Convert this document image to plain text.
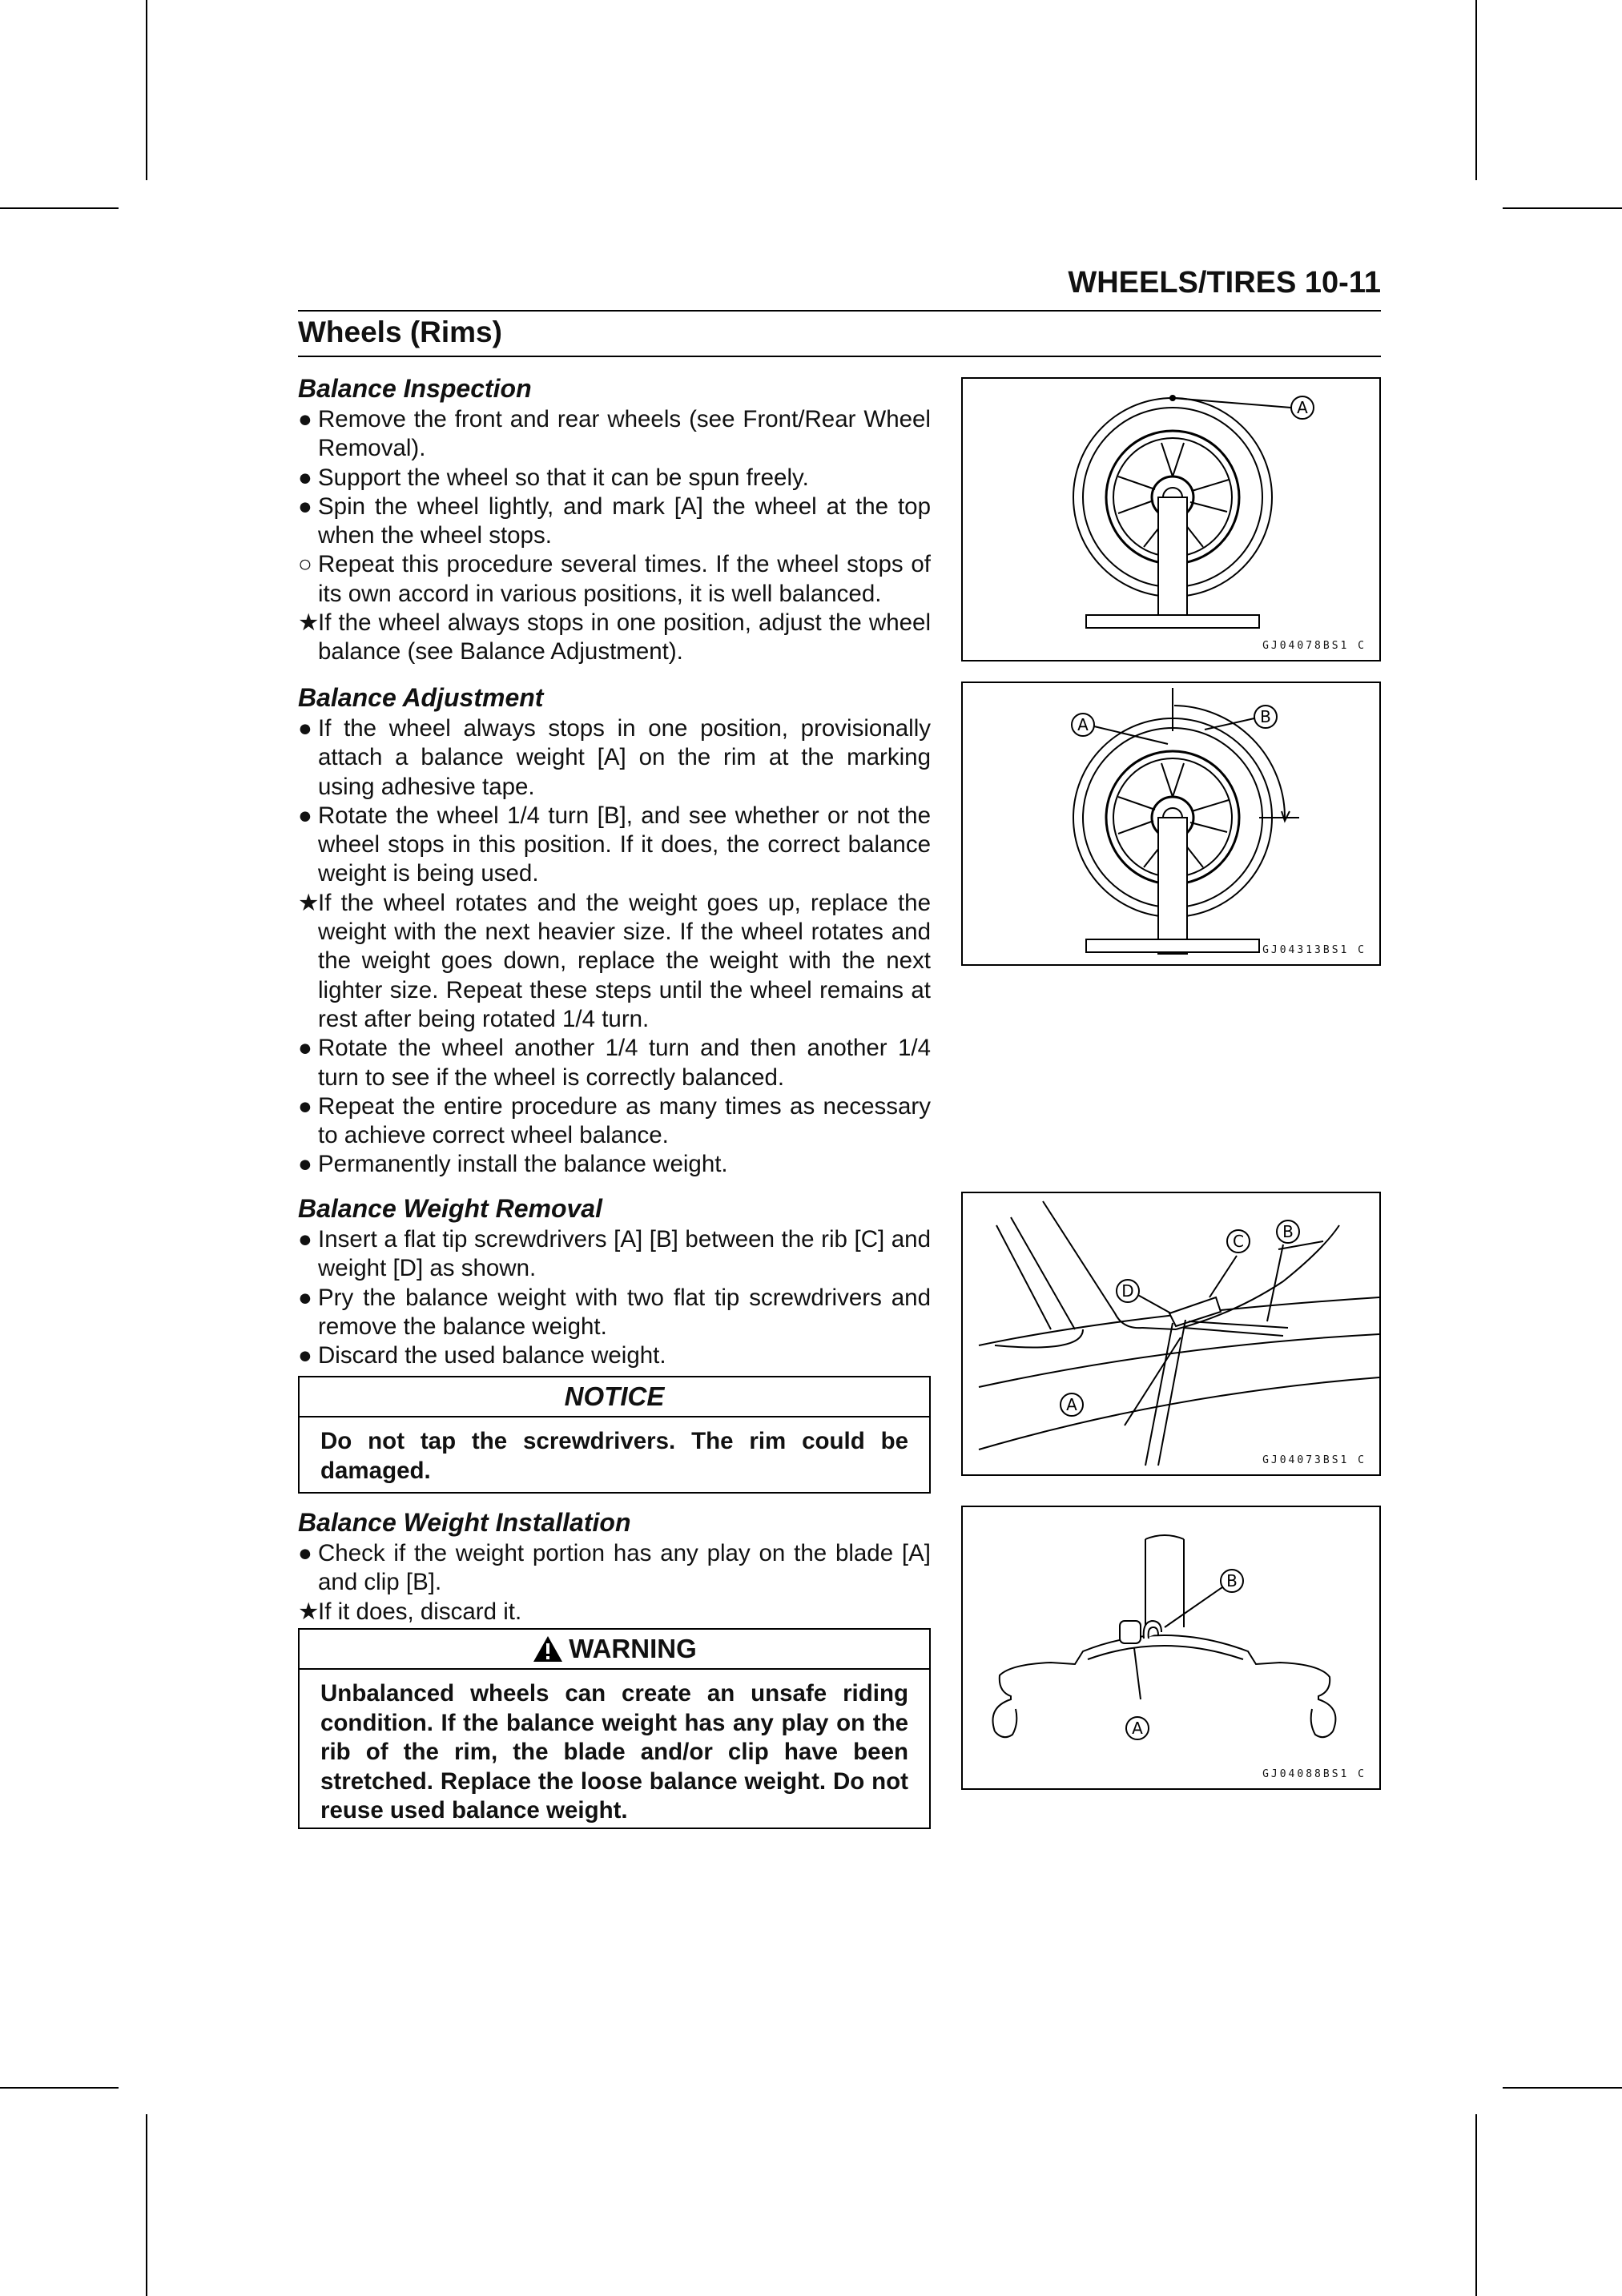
WHEELS/TIRES 10-11
Wheels (Rims)
Balance Inspection
● Remove the front and rear wheels (see Front/Rear Wheel Removal).
● Support the wheel so that it can be spun freely.
● Spin the wheel lightly, and mark [A] the wheel at the top when the wheel stops.
○ Repeat this procedure several times. If the wheel stops of its own accord in various positions, it is well balanced.
★
If the wheel always stops in one position, adjust the wheel balance (see Balance Adjustment).
Balance Adjustment
● If the wheel always stops in one position, provisionally attach a balance weight [A] on the rim at the marking using adhesive tape.
● Rotate the wheel 1/4 turn [B], and see whether or not the wheel stops in this position. If it does, the correct balance weight is being used.
★
If the wheel rotates and the weight goes up, replace the weight with the next heavier size. If the wheel rotates and the weight goes down, replace the weight with the next lighter size. Repeat these steps until the wheel remains at rest after being rotated 1/4 turn.
● Rotate the wheel another 1/4 turn and then another 1/4 turn to see if the wheel is correctly balanced.
● Repeat the entire procedure as many times as necessary to achieve correct wheel balance.
● Permanently install the balance weight.
Balance Weight Removal
● Insert a flat tip screwdrivers [A] [B] between the rib [C] and weight [D] as shown.
● Pry the balance weight with two flat tip screwdrivers and remove the balance weight.
● Discard the used balance weight.
NOTICE
Do not tap the screwdrivers. The rim could be damaged.
Balance Weight Installation
● Check if the weight portion has any play on the blade [A] and clip [B].
★
If it does, discard it.
WARNING
Unbalanced wheels can create an unsafe riding condition. If the balance weight has any play on the rib of the rim, the blade and/or clip have been stretched. Replace the loose balance weight. Do not reuse used balance weight.
A
GJ04078BS1 C
A	B
GJ04313BS1 C
A
B
C
D
GJ04073BS1 C
A
B
GJ04088BS1 C
